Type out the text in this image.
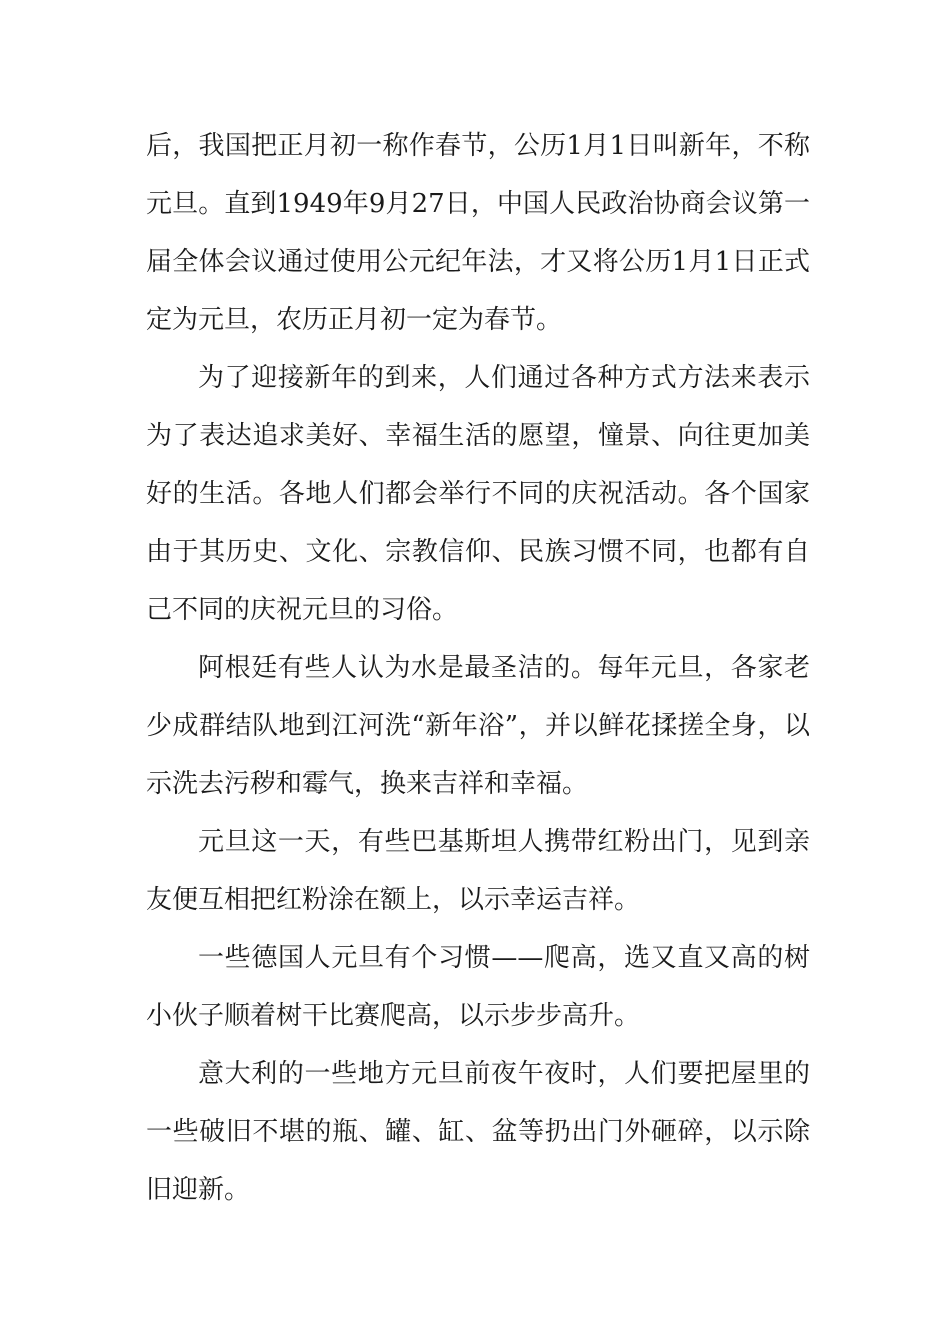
后，我国把正月初一称作春节，公历1月1日叫新年，不称元旦。直到1949年9月27日，中国人民政治协商会议第一届全体会议通过使用公元纪年法，才又将公历1月1日正式定为元旦，农历正月初一定为春节。

为了迎接新年的到来，人们通过各种方式方法来表示为了表达追求美好、幸福生活的愿望，憧景、向往更加美好的生活。各地人们都会举行不同的庆祝活动。各个国家由于其历史、文化、宗教信仰、民族习惯不同，也都有自己不同的庆祝元旦的习俗。

阿根廷有些人认为水是最圣洁的。每年元旦，各家老少成群结队地到江河洗“新年浴”，并以鲜花揉搓全身，以示洗去污秽和霉气，换来吉祥和幸福。

元旦这一天，有些巴基斯坦人携带红粉出门，见到亲友便互相把红粉涂在额上，以示幸运吉祥。

一些德国人元旦有个习惯——爬高，选又直又高的树小伙子顺着树干比赛爬高，以示步步高升。

意大利的一些地方元旦前夜午夜时，人们要把屋里的一些破旧不堪的瓶、罐、缸、盆等扔出门外砸碎，以示除旧迎新。
